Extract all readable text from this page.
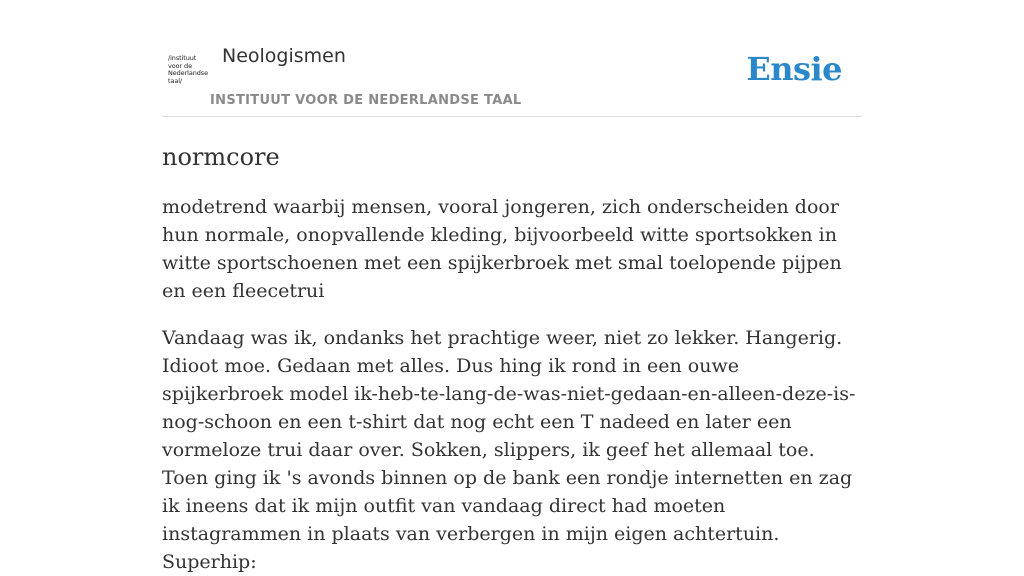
/instituut
voor de
Nederlandse
taal/
Neologismen
INSTITUUT VOOR DE NEDERLANDSE TAAL
Ensie
normcore

modetrend waarbij mensen, vooral jongeren, zich onderscheiden door hun normale, onopvallende kleding, bijvoorbeeld witte sportsokken in witte sportschoenen met een spijkerbroek met smal toelopende pijpen en een fleecetrui

Vandaag was ik, ondanks het prachtige weer, niet zo lekker. Hangerig. Idioot moe. Gedaan met alles. Dus hing ik rond in een ouwe spijkerbroek model ik-heb-te-lang-de-was-niet-gedaan-en-alleen-deze-is-nog-schoon en een t-shirt dat nog echt een T nadeed en later een vormeloze trui daar over. Sokken, slippers, ik geef het allemaal toe. Toen ging ik 's avonds binnen op de bank een rondje internetten en zag ik ineens dat ik mijn outfit van vandaag direct had moeten instagrammen in plaats van verbergen in mijn eigen achtertuin. Superhip:
